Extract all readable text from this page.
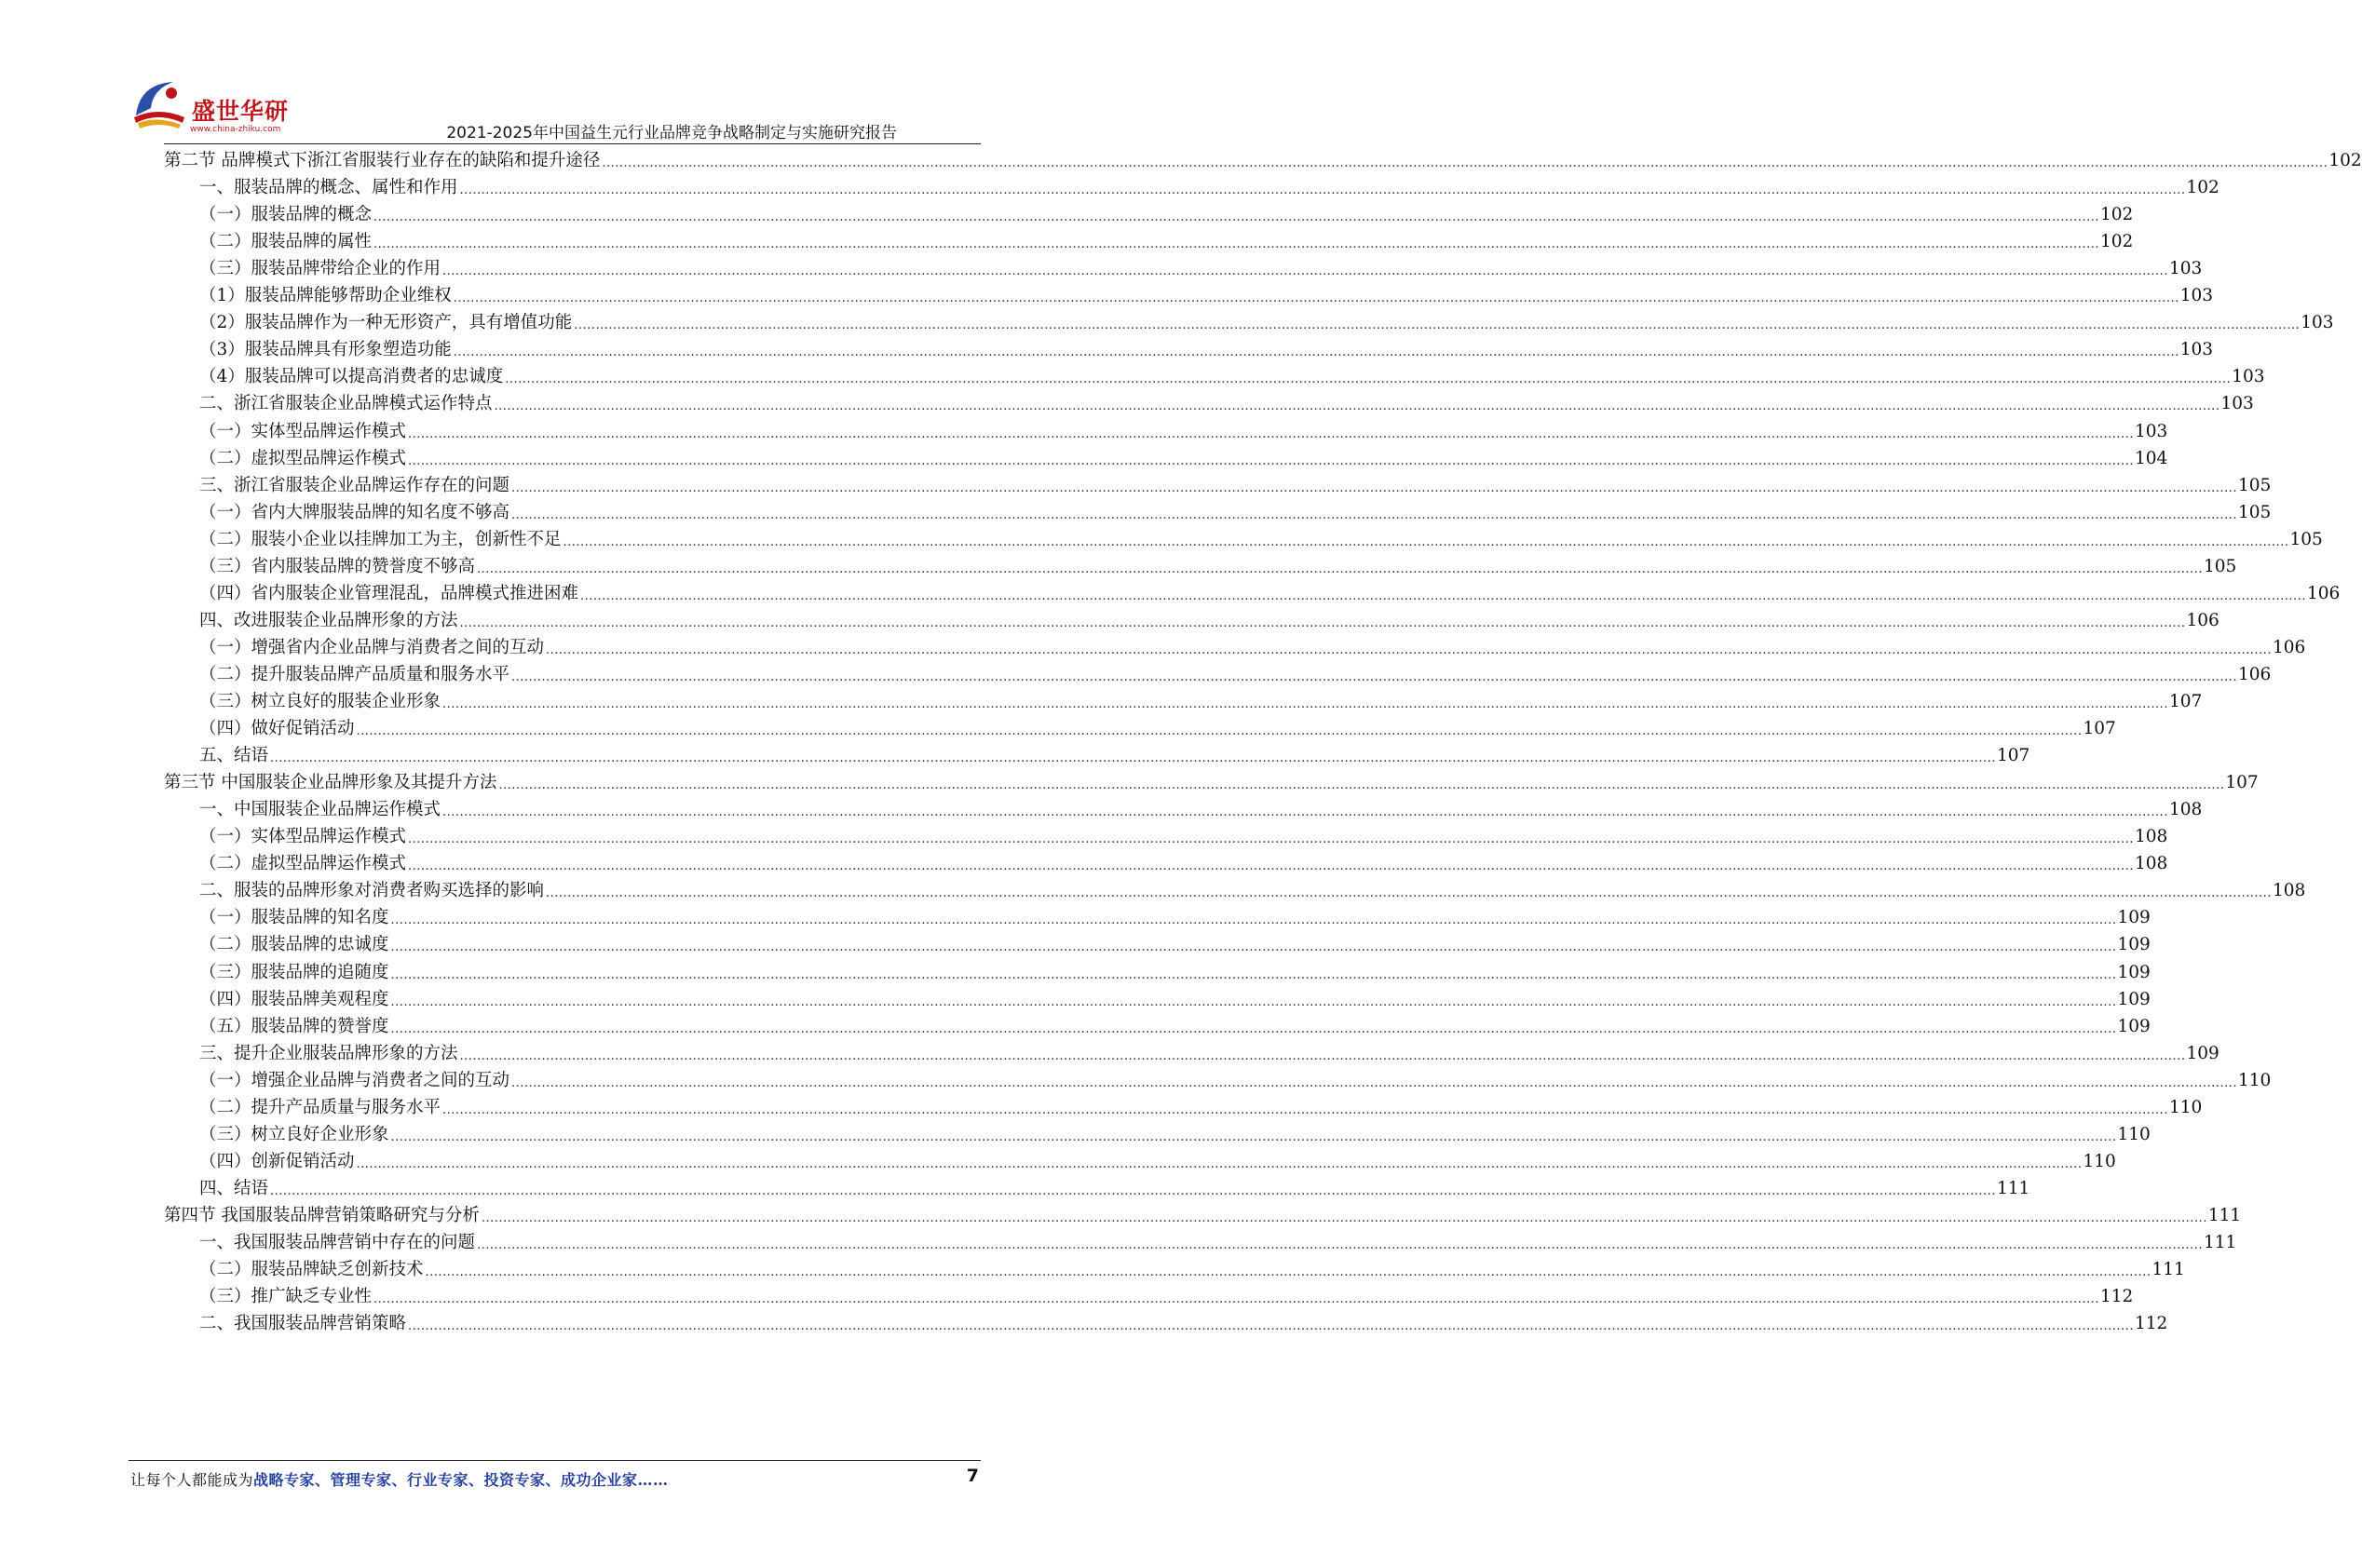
盛世华研
www.china-zhiku.com	2021-2025年中国益生元行业品牌竞争战略制定与实施研究报告
第二节 品牌模式下浙江省服装行业存在的缺陷和提升途径 ................................................................................................................................................................................................................................................................................................................................................................................................................ 102
一、服装品牌的概念、属性和作用 ................................................................................................................................................................................................................................................................................................................................................................................................................ 102
（一）服装品牌的概念 ................................................................................................................................................................................................................................................................................................................................................................................................................ 102
（二）服装品牌的属性 ................................................................................................................................................................................................................................................................................................................................................................................................................ 102
（三）服装品牌带给企业的作用 ................................................................................................................................................................................................................................................................................................................................................................................................................ 103
（1）服装品牌能够帮助企业维权 ................................................................................................................................................................................................................................................................................................................................................................................................................ 103
（2）服装品牌作为一种无形资产，具有增值功能 ................................................................................................................................................................................................................................................................................................................................................................................................................ 103
（3）服装品牌具有形象塑造功能 ................................................................................................................................................................................................................................................................................................................................................................................................................ 103
（4）服装品牌可以提高消费者的忠诚度 ................................................................................................................................................................................................................................................................................................................................................................................................................ 103
二、浙江省服装企业品牌模式运作特点 ................................................................................................................................................................................................................................................................................................................................................................................................................ 103
（一）实体型品牌运作模式 ................................................................................................................................................................................................................................................................................................................................................................................................................ 103
（二）虚拟型品牌运作模式 ................................................................................................................................................................................................................................................................................................................................................................................................................ 104
三、浙江省服装企业品牌运作存在的问题 ................................................................................................................................................................................................................................................................................................................................................................................................................ 105
（一）省内大牌服装品牌的知名度不够高 ................................................................................................................................................................................................................................................................................................................................................................................................................ 105
（二）服装小企业以挂牌加工为主，创新性不足 ................................................................................................................................................................................................................................................................................................................................................................................................................ 105
（三）省内服装品牌的赞誉度不够高 ................................................................................................................................................................................................................................................................................................................................................................................................................ 105
（四）省内服装企业管理混乱，品牌模式推进困难 ................................................................................................................................................................................................................................................................................................................................................................................................................ 106
四、改进服装企业品牌形象的方法 ................................................................................................................................................................................................................................................................................................................................................................................................................ 106
（一）增强省内企业品牌与消费者之间的互动 ................................................................................................................................................................................................................................................................................................................................................................................................................ 106
（二）提升服装品牌产品质量和服务水平 ................................................................................................................................................................................................................................................................................................................................................................................................................ 106
（三）树立良好的服装企业形象 ................................................................................................................................................................................................................................................................................................................................................................................................................ 107
（四）做好促销活动 ................................................................................................................................................................................................................................................................................................................................................................................................................ 107
五、结语 ................................................................................................................................................................................................................................................................................................................................................................................................................ 107
第三节 中国服装企业品牌形象及其提升方法 ................................................................................................................................................................................................................................................................................................................................................................................................................ 107
一、中国服装企业品牌运作模式 ................................................................................................................................................................................................................................................................................................................................................................................................................ 108
（一）实体型品牌运作模式 ................................................................................................................................................................................................................................................................................................................................................................................................................ 108
（二）虚拟型品牌运作模式 ................................................................................................................................................................................................................................................................................................................................................................................................................ 108
二、服装的品牌形象对消费者购买选择的影响 ................................................................................................................................................................................................................................................................................................................................................................................................................ 108
（一）服装品牌的知名度 ................................................................................................................................................................................................................................................................................................................................................................................................................ 109
（二）服装品牌的忠诚度 ................................................................................................................................................................................................................................................................................................................................................................................................................ 109
（三）服装品牌的追随度 ................................................................................................................................................................................................................................................................................................................................................................................................................ 109
（四）服装品牌美观程度 ................................................................................................................................................................................................................................................................................................................................................................................................................ 109
（五）服装品牌的赞誉度 ................................................................................................................................................................................................................................................................................................................................................................................................................ 109
三、提升企业服装品牌形象的方法 ................................................................................................................................................................................................................................................................................................................................................................................................................ 109
（一）增强企业品牌与消费者之间的互动 ................................................................................................................................................................................................................................................................................................................................................................................................................ 110
（二）提升产品质量与服务水平 ................................................................................................................................................................................................................................................................................................................................................................................................................ 110
（三）树立良好企业形象 ................................................................................................................................................................................................................................................................................................................................................................................................................ 110
（四）创新促销活动 ................................................................................................................................................................................................................................................................................................................................................................................................................ 110
四、结语 ................................................................................................................................................................................................................................................................................................................................................................................................................ 111
第四节 我国服装品牌营销策略研究与分析 ................................................................................................................................................................................................................................................................................................................................................................................................................ 111
一、我国服装品牌营销中存在的问题 ................................................................................................................................................................................................................................................................................................................................................................................................................ 111
（二）服装品牌缺乏创新技术 ................................................................................................................................................................................................................................................................................................................................................................................................................ 111
（三）推广缺乏专业性 ................................................................................................................................................................................................................................................................................................................................................................................................................ 112
二、我国服装品牌营销策略 ................................................................................................................................................................................................................................................................................................................................................................................................................ 112
让每个人都能成为战略专家、管理专家、行业专家、投资专家、成功企业家……	7
